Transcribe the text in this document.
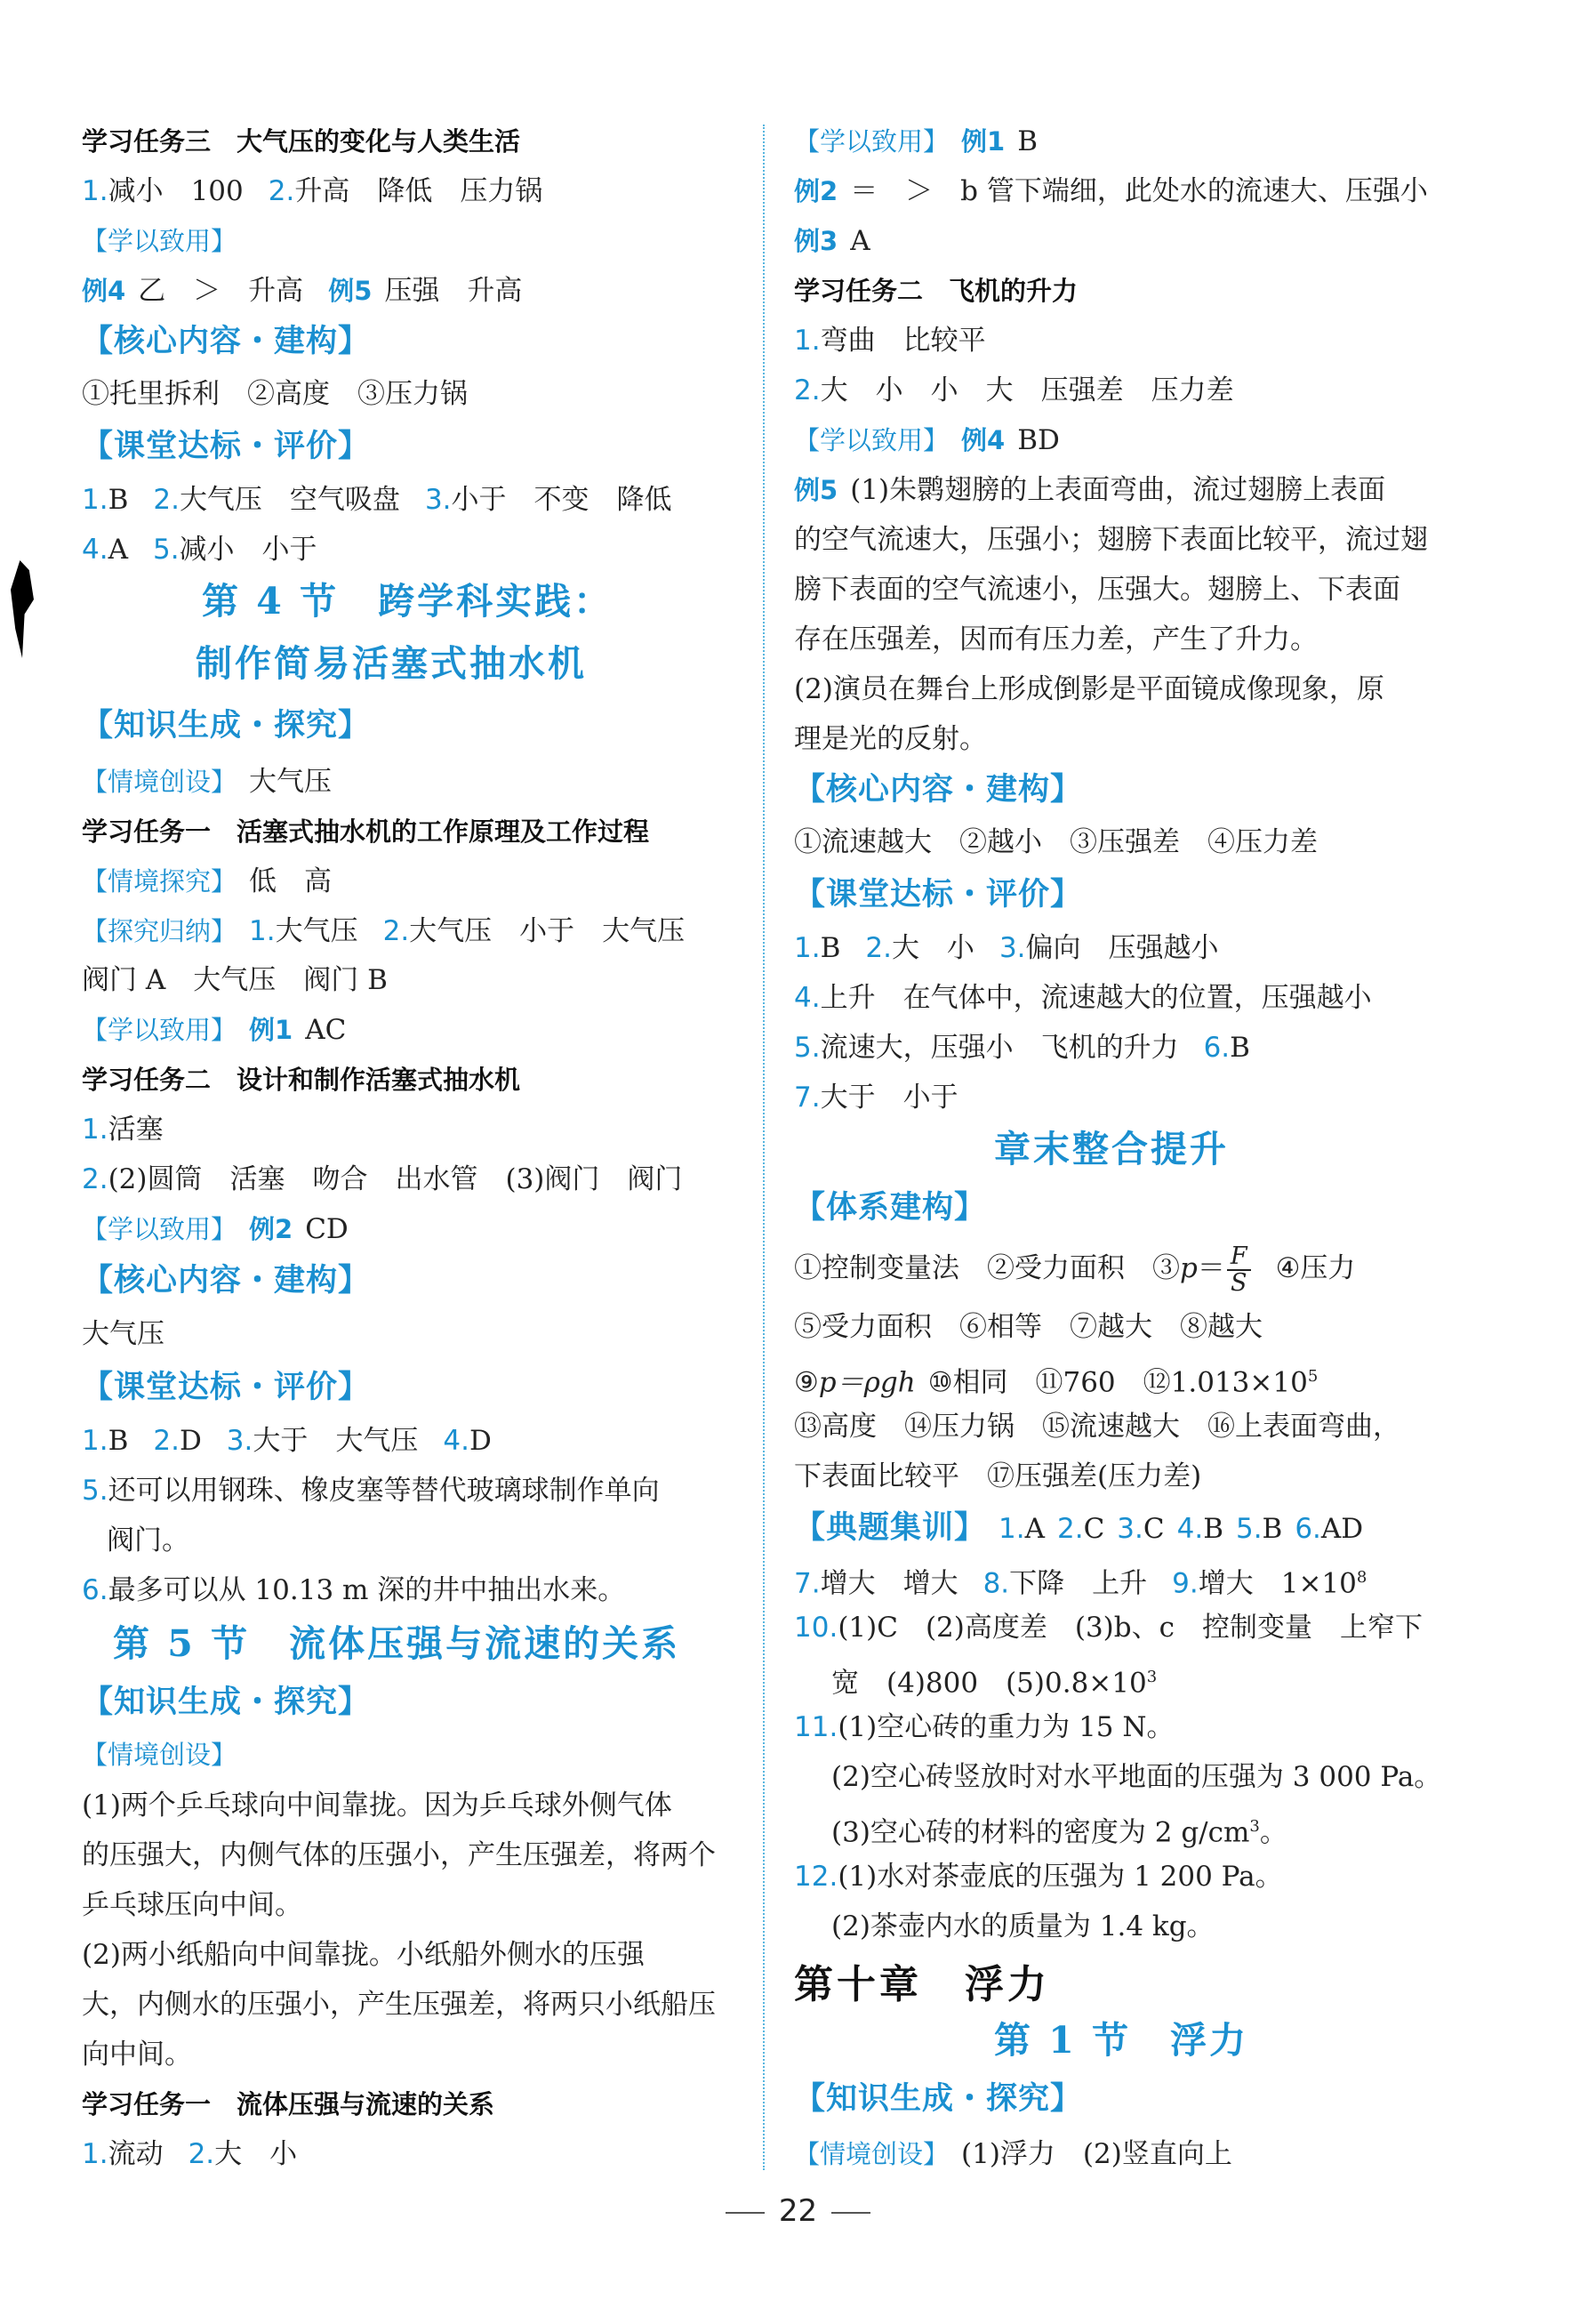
学习任务三　大气压的变化与人类生活
1.减小　100 2.升高　降低　压力锅
【学以致用】
例4 乙　＞　升高 例5 压强　升高
【核心内容・建构】
①托里拆利　②高度　③压力锅
【课堂达标・评价】
1.B 2.大气压　空气吸盘 3.小于　不变　降低
4.A 5.减小　小于
第 4 节　跨学科实践：
制作简易活塞式抽水机
【知识生成・探究】
【情境创设】 大气压
学习任务一　活塞式抽水机的工作原理及工作过程
【情境探究】 低　高
【探究归纳】 1.大气压 2.大气压　小于　大气压
阀门 A　大气压　阀门 B
【学以致用】 例1 AC
学习任务二　设计和制作活塞式抽水机
1.活塞
2.(2)圆筒　活塞　吻合　出水管　(3)阀门　阀门
【学以致用】 例2 CD
【核心内容・建构】
大气压
【课堂达标・评价】
1.B 2.D 3.大于　大气压 4.D
5.还可以用钢珠、橡皮塞等替代玻璃球制作单向
阀门。
6.最多可以从 10.13 m 深的井中抽出水来。
第 5 节　流体压强与流速的关系
【知识生成・探究】
【情境创设】
(1)两个乒乓球向中间靠拢。因为乒乓球外侧气体
的压强大，内侧气体的压强小，产生压强差，将两个
乒乓球压向中间。
(2)两小纸船向中间靠拢。小纸船外侧水的压强
大，内侧水的压强小，产生压强差，将两只小纸船压
向中间。
学习任务一　流体压强与流速的关系
1.流动 2.大　小
【学以致用】 例1 B
例2 ＝　＞　b 管下端细，此处水的流速大、压强小
例3 A
学习任务二　飞机的升力
1.弯曲　比较平
2.大　小　小　大　压强差　压力差
【学以致用】 例4 BD
例5 (1)朱鹮翅膀的上表面弯曲，流过翅膀上表面
的空气流速大，压强小；翅膀下表面比较平，流过翅
膀下表面的空气流速小，压强大。翅膀上、下表面
存在压强差，因而有压力差，产生了升力。
(2)演员在舞台上形成倒影是平面镜成像现象，原
理是光的反射。
【核心内容・建构】
①流速越大　②越小　③压强差　④压力差
【课堂达标・评价】
1.B 2.大　小 3.偏向　压强越小
4.上升　在气体中，流速越大的位置，压强越小
5.流速大，压强小　飞机的升力 6.B
7.大于　小于
章末整合提升
【体系建构】
①控制变量法　②受力面积　③p＝ $\frac{F}{S}$ ④压力
⑤受力面积　⑥相等　⑦越大　⑧越大
⑨p＝ρgh ⑩相同　⑪760　$⑫1.013\times 10^5$
⑬高度　⑭压力锅　⑮流速越大　⑯上表面弯曲，
下表面比较平　⑰压强差(压力差)
【典题集训】 1.A 2.C 3.C 4.B 5.B 6.AD
7.增大　增大 8.下降　上升 9.增大　$1\times 10^8$
10.(1)C　(2)高度差　(3)b、c　控制变量　上窄下
宽　(4)800　$(5)0.8\times 10^3$
11.(1)空心砖的重力为 15 N。
(2)空心砖竖放时对水平地面的压强为 3 000 Pa。
(3)空心砖的材料的密度为 2 $g/cm^3$。
12.(1)水对茶壶底的压强为 1 200 Pa。
(2)茶壶内水的质量为 1.4 kg。
第十章　浮力
第 1 节　浮力
【知识生成・探究】
【情境创设】 (1)浮力　(2)竖直向上
22
